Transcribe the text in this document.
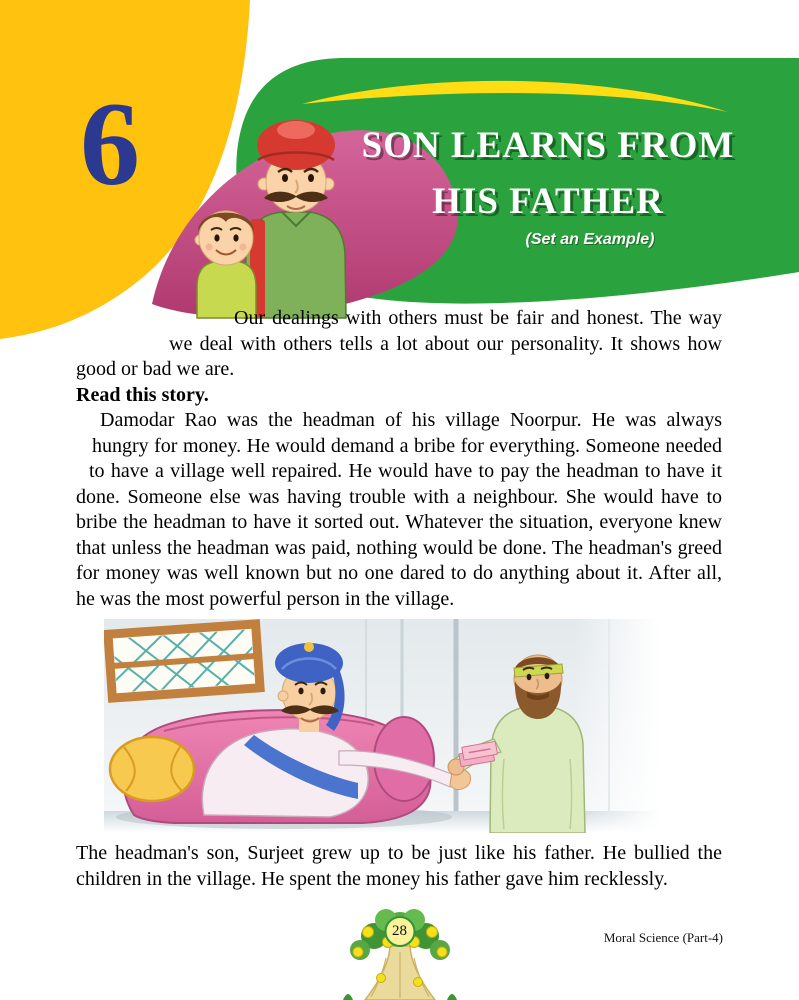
6	SON LEARNS FROM
HIS FATHER
(Set an Example)

Our dealings with others must be fair and honest. The way we deal with others tells a lot about our personality. It shows how good or bad we are.

Read this story.

Damodar Rao was the headman of his village Noorpur. He was always hungry for money. He would demand a bribe for everything. Someone needed to have a village well repaired. He would have to pay the headman to have it done. Someone else was having trouble with a neighbour. She would have to bribe the headman to have it sorted out. Whatever the situation, everyone knew that unless the headman was paid, nothing would be done. The headman's greed for money was well known but no one dared to do anything about it. After all, he was the most powerful person in the village.

The headman's son, Surjeet grew up to be just like his father. He bullied the children in the village. He spent the money his father gave him recklessly.

28	Moral Science (Part-4)
